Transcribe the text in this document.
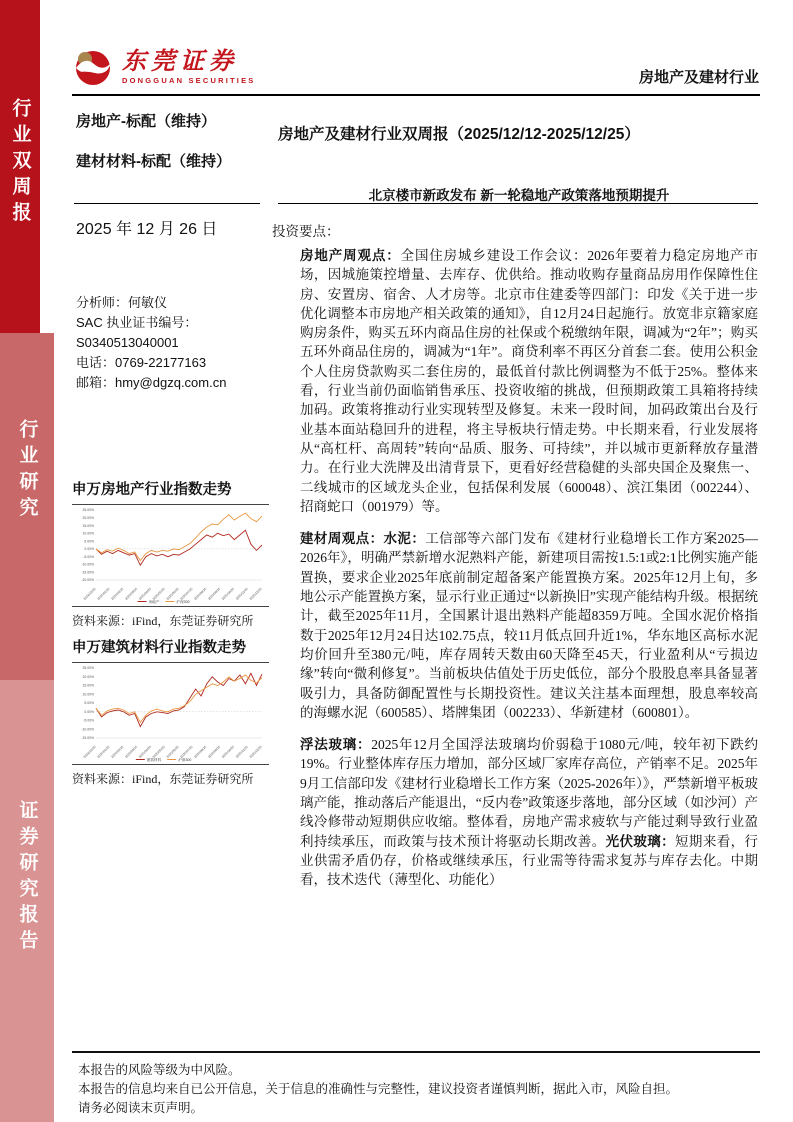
行业双周报
行业研究
证券研究报告
东莞证券
DONGGUAN SECURITIES	房地产及建材行业
房地产-标配（维持）
建材材料-标配（维持）
房地产及建材行业双周报（2025/12/12-2025/12/25）
北京楼市新政发布 新一轮稳地产政策落地预期提升
2025 年 12 月 26 日	投资要点：
分析师：何敏仪
SAC 执业证书编号：
S0340513040001
电话：0769-22177163
邮箱：hmy@dgzq.com.cn

房地产周观点：全国住房城乡建设工作会议：2026年要着力稳定房地产市场，因城施策控增量、去库存、优供给。推动收购存量商品房用作保障性住房、安置房、宿舍、人才房等。北京市住建委等四部门：印发《关于进一步优化调整本市房地产相关政策的通知》，自12月24日起施行。放宽非京籍家庭购房条件，购买五环内商品住房的社保或个税缴纳年限，调减为“2年”；购买五环外商品住房的，调减为“1年”。商贷利率不再区分首套二套。使用公积金个人住房贷款购买二套住房的，最低首付款比例调整为不低于25%。整体来看，行业当前仍面临销售承压、投资收缩的挑战，但预期政策工具箱将持续加码。政策将推动行业实现转型及修复。未来一段时间，加码政策出台及行业基本面站稳回升的进程，将主导板块行情走势。中长期来看，行业发展将从“高杠杆、高周转”转向“品质、服务、可持续”，并以城市更新释放存量潜力。在行业大洗牌及出清背景下，更看好经营稳健的头部央国企及聚焦一、二线城市的区域龙头企业，包括保利发展（600048）、滨江集团（002244）、招商蛇口（001979）等。

建材周观点：水泥：工信部等六部门发布《建材行业稳增长工作方案2025—2026年》，明确严禁新增水泥熟料产能，新建项目需按1.5:1或2:1比例实施产能置换，要求企业2025年底前制定超备案产能置换方案。2025年12月上旬，多地公示产能置换方案，显示行业正通过“以新换旧”实现产能结构升级。根据统计，截至2025年11月，全国累计退出熟料产能超8359万吨。全国水泥价格指数于2025年12月24日达102.75点，较11月低点回升近1%，华东地区高标水泥均价回升至380元/吨，库存周转天数由60天降至45天，行业盈利从“亏损边缘”转向“微利修复”。当前板块估值处于历史低位，部分个股股息率具备显著吸引力，具备防御配置性与长期投资性。建议关注基本面理想，股息率较高的海螺水泥（600585）、塔牌集团（002233）、华新建材（600801）。

浮法玻璃：2025年12月全国浮法玻璃均价弱稳于1080元/吨，较年初下跌约19%。行业整体库存压力增加，部分区域厂家库存高位，产销率不足。2025年9月工信部印发《建材行业稳增长工作方案（2025-2026年）》，严禁新增平板玻璃产能，推动落后产能退出，“反内卷”政策逐步落地，部分区域（如沙河）产线冷修带动短期供应收缩。整体看，房地产需求疲软与产能过剩导致行业盈利持续承压，而政策与技术预计将驱动长期改善。光伏玻璃：短期来看，行业供需矛盾仍存，价格或继续承压，行业需等待需求复苏与库存去化。中期看，技术迭代（薄型化、功能化）

申万房地产行业指数走势
25.00%
20.00%
15.00%
10.00%
5.00%
0.00%
-5.00%
-10.00%
-15.00%
-20.00%
2024/12/25 2025/01/25 2025/02/25 2025/03/25 2025/04/25 2025/05/25 2025/06/25 2025/07/25 2025/08/25 2025/09/25 2025/10/25 2025/11/25 2025/12/25
房地产	沪深300
资料来源：iFind，东莞证券研究所
申万建筑材料行业指数走势
25.00%
20.00%
15.00%
10.00%
5.00%
0.00%
-5.00%
-10.00%
-15.00%
2024/12/25 2025/01/25 2025/02/25 2025/03/25 2025/04/25 2025/05/25 2025/06/25 2025/07/25 2025/08/25 2025/09/25 2025/10/25 2025/11/25 2025/12/25
建筑材料	沪深300
资料来源：iFind，东莞证券研究所
本报告的风险等级为中风险。
本报告的信息均来自已公开信息，关于信息的准确性与完整性，建议投资者谨慎判断，据此入市，风险自担。
请务必阅读末页声明。
